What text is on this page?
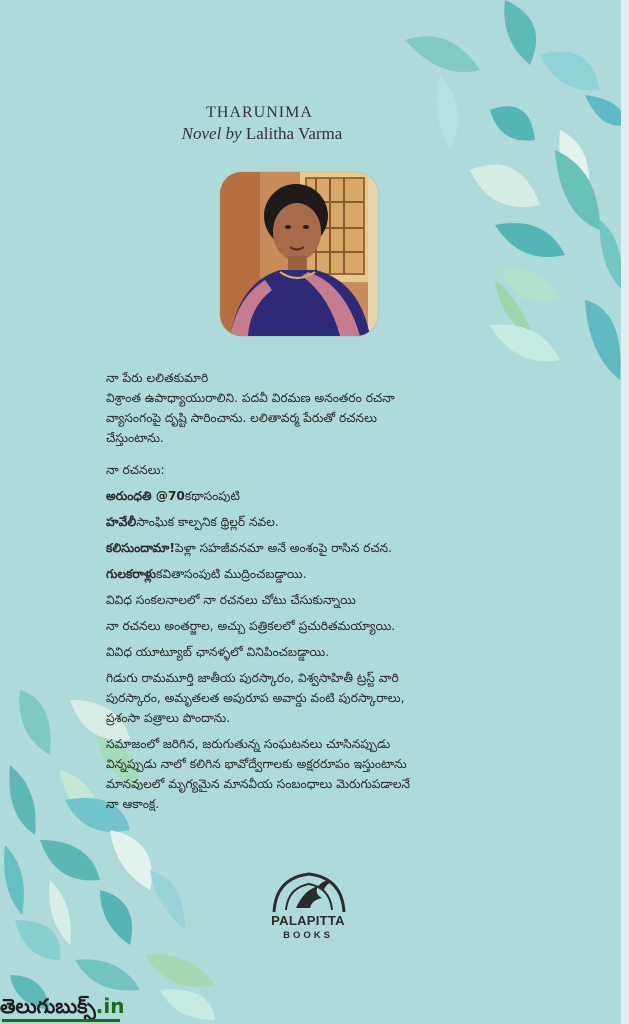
THARUNIMA
Novel by Lalitha Varma

నా పేరు లలితకుమారి

విశ్రాంత ఉపాధ్యాయురాలిని. పదవీ విరమణ అనంతరం రచనా

వ్యాసంగంపై దృష్టి సారించాను. లలితావర్మ పేరుతో రచనలు

చేస్తుంటాను.

నా రచనలు:

అరుంధతి @70కథాసంపుటి

హవేలీసాంఘిక కాల్పనిక థ్రిల్లర్ నవల.

కలిసుందామా!పెళ్లా సహజీవనమా అనే అంశంపై రాసిన రచన.

గులకరాళ్లుకవితాసంపుటి ముద్రించబడ్డాయి.

వివిధ సంకలనాలలో నా రచనలు చోటు చేసుకున్నాయి

నా రచనలు అంతర్జాల, అచ్చు పత్రికలలో ప్రచురితమయ్యాయి.

వివిధ యూట్యూబ్ ఛానళ్ళలో వినిపించబడ్డాయి.

గిడుగు రామమూర్తి జాతీయ పురస్కారం, విశ్వసాహితీ ట్రస్ట్ వారి

పురస్కారం, అమృతలత అపురూప అవార్డు వంటి పురస్కారాలు,

ప్రశంసా పత్రాలు పొందాను.

సమాజంలో జరిగిన, జరుగుతున్న సంఘటనలు చూసినప్పుడు

విన్నప్పుడు నాలో కలిగిన భావోద్వేగాలకు అక్షరరూపం ఇస్తుంటాను

మానవులలో మృగ్యమైన మానవీయ సంబంధాలు మెరుగుపడాలనే

నా ఆకాంక్ష.

PALAPITTA
BOOKS
తెలుగుబుక్స్.in
